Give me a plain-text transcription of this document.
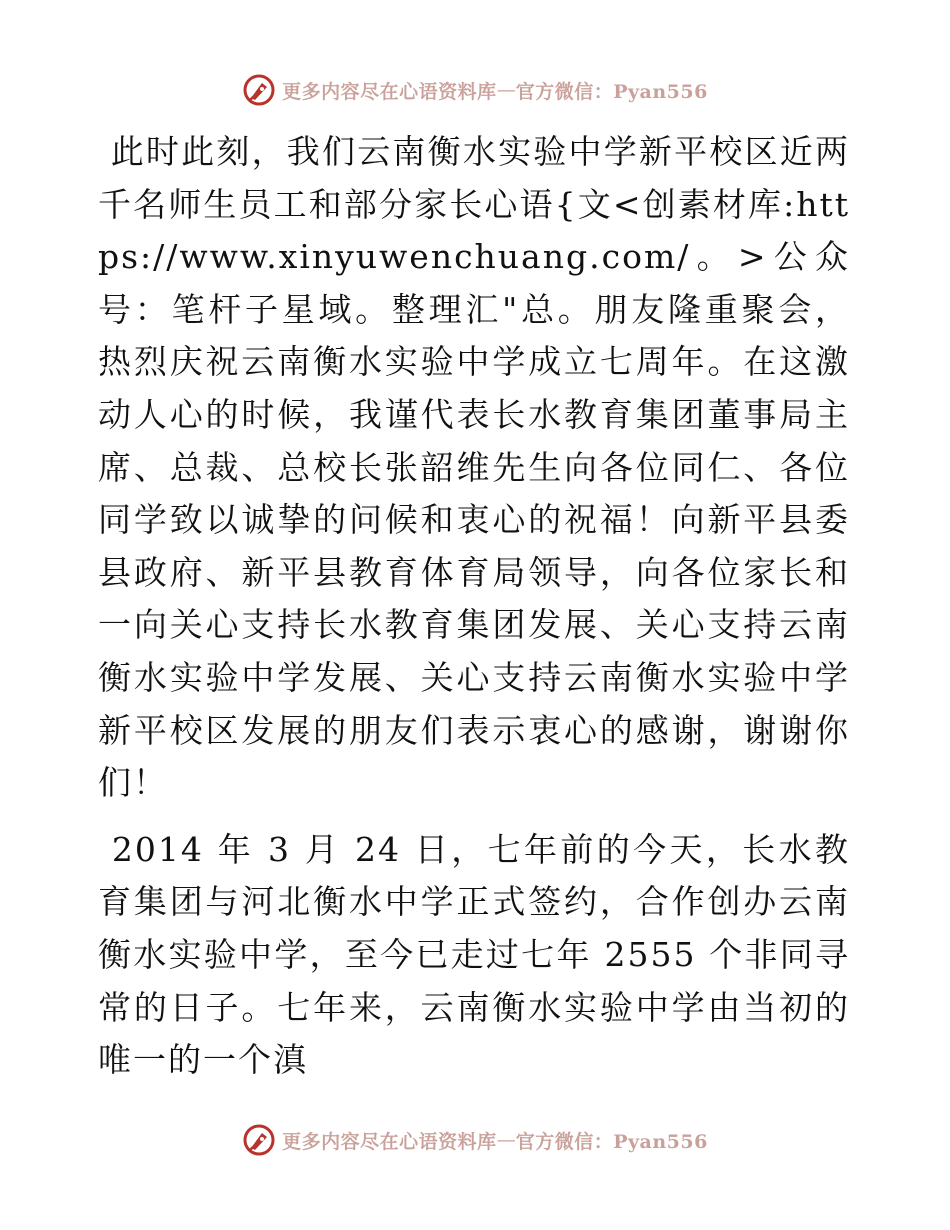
更多内容尽在心语资料库 — 官方微信：Pyan556

此时此刻，我们云南衡水实验中学新平校区近两千名师生员工和部分家长心语{文<创素材库:https://www.xinyuwenchuang.com/。>公众号：笔杆子星域。整理汇"总。朋友隆重聚会，热烈庆祝云南衡水实验中学成立七周年。在这激动人心的时候，我谨代表长水教育集团董事局主席、总裁、总校长张韶维先生向各位同仁、各位同学致以诚挚的问候和衷心的祝福！向新平县委县政府、新平县教育体育局领导，向各位家长和一向关心支持长水教育集团发展、关心支持云南衡水实验中学发展、关心支持云南衡水实验中学新平校区发展的朋友们表示衷心的感谢，谢谢你们！

2014 年 3 月 24 日，七年前的今天，长水教育集团与河北衡水中学正式签约，合作创办云南衡水实验中学，至今已走过七年 2555 个非同寻常的日子。七年来，云南衡水实验中学由当初的唯一的一个滇

更多内容尽在心语资料库 — 官方微信：Pyan556
